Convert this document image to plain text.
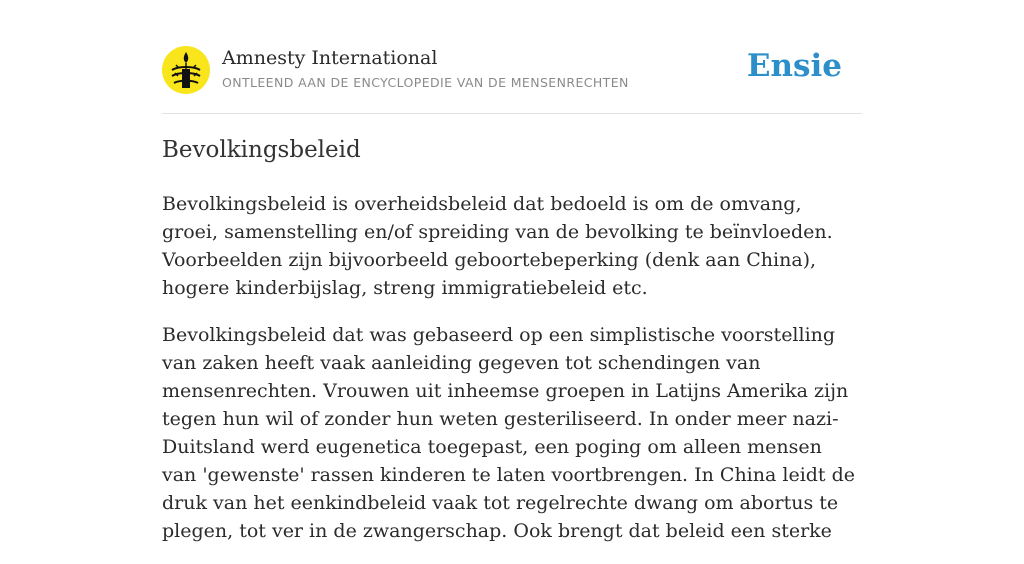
Amnesty International
ONTLEEND AAN DE ENCYCLOPEDIE VAN DE MENSENRECHTEN	Ensie
Bevolkingsbeleid

Bevolkingsbeleid is overheidsbeleid dat bedoeld is om de omvang, groei, samenstelling en/of spreiding van de bevolking te beïnvloeden. Voorbeelden zijn bijvoorbeeld geboortebeperking (denk aan China), hogere kinderbijslag, streng immigratiebeleid etc.

Bevolkingsbeleid dat was gebaseerd op een simplistische voorstelling van zaken heeft vaak aanleiding gegeven tot schendingen van mensenrechten. Vrouwen uit inheemse groepen in Latijns Amerika zijn tegen hun wil of zonder hun weten gesteriliseerd. In onder meer nazi-Duitsland werd eugenetica toegepast, een poging om alleen mensen van 'gewenste' rassen kinderen te laten voortbrengen. In China leidt de druk van het eenkindbeleid vaak tot regelrechte dwang om abortus te plegen, tot ver in de zwangerschap. Ook brengt dat beleid een sterke
